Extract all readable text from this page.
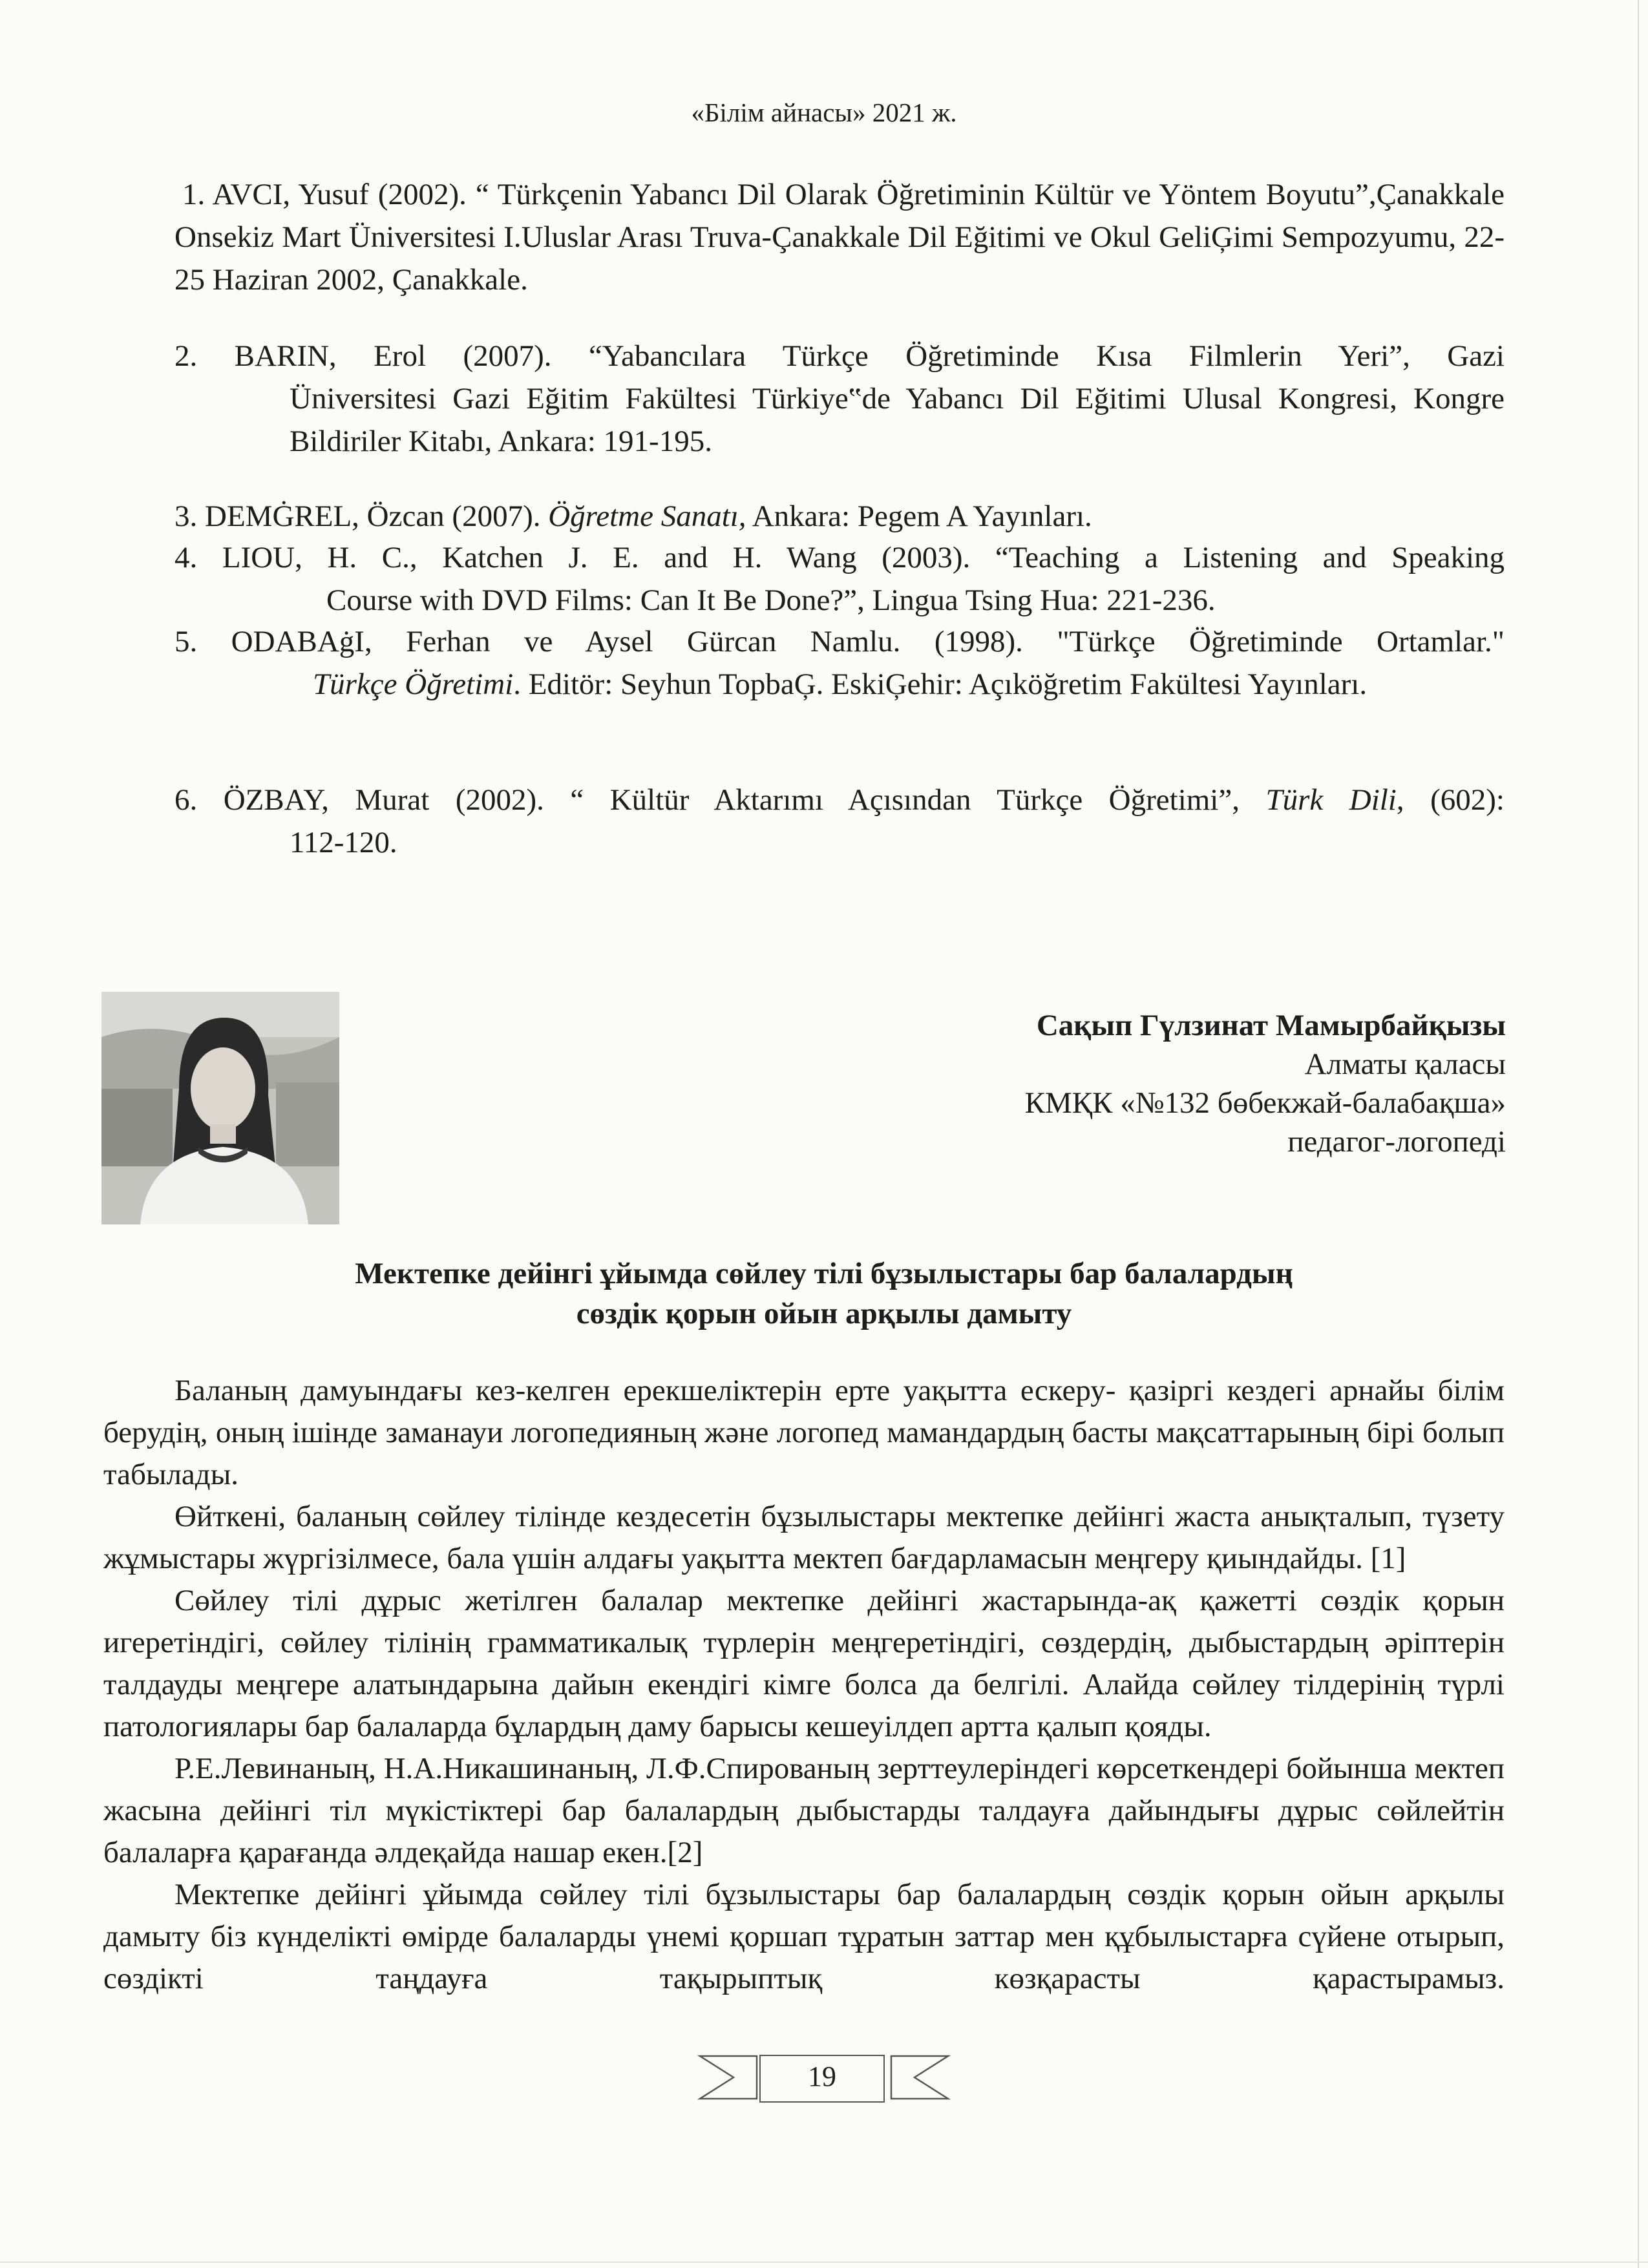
«Білім айнасы» 2021 ж.

1. AVCI, Yusuf (2002). “ Türkçenin Yabancı Dil Olarak Öğretiminin Kültür ve Yöntem Boyutu”,Çanakkale Onsekiz Mart Üniversitesi I.Uluslar Arası Truva-Çanakkale Dil Eğitimi ve Okul GeliĢimi Sempozyumu, 22-25 Haziran 2002, Çanakkale.

2. BARIN, Erol (2007). “Yabancılara Türkçe Öğretiminde Kısa Filmlerin Yeri”, Gazi
Üniversitesi Gazi Eğitim Fakültesi Türkiye‟de Yabancı Dil Eğitimi Ulusal Kongresi, Kongre Bildiriler Kitabı, Ankara: 191-195.

3. DEMĠREL, Özcan (2007). Öğretme Sanatı, Ankara: Pegem A Yayınları.

4. LIOU, H. C., Katchen J. E. and H. Wang (2003). “Teaching a Listening and Speaking
Course with DVD Films: Can It Be Done?”, Lingua Tsing Hua: 221-236.

5. ODABAġI, Ferhan ve Aysel Gürcan Namlu. (1998). "Türkçe Öğretiminde Ortamlar."
Türkçe Öğretimi. Editör: Seyhun TopbaĢ. EskiĢehir: Açıköğretim Fakültesi Yayınları.

6. ÖZBAY, Murat (2002). “ Kültür Aktarımı Açısından Türkçe Öğretimi”, Türk Dili, (602):
112-120.

Сақып Гүлзинат Мамырбайқызы
Алматы қаласы
КМҚК «№132 бөбекжай-балабақша»
педагог-логопеді
Мектепке дейінгі ұйымда сөйлеу тілі бұзылыстары бар балалардың
сөздік қорын ойын арқылы дамыту

Баланың дамуындағы кез-келген ерекшеліктерін ерте уақытта ескеру- қазіргі кездегі арнайы білім берудің, оның ішінде заманауи логопедияның және логопед мамандардың басты мақсаттарының бірі болып табылады.

Өйткені, баланың сөйлеу тілінде кездесетін бұзылыстары мектепке дейінгі жаста анықталып, түзету жұмыстары жүргізілмесе, бала үшін алдағы уақытта мектеп бағдарламасын меңгеру қиындайды. [1]

Сөйлеу тілі дұрыс жетілген балалар мектепке дейінгі жастарында-ақ қажетті сөздік қорын игеретіндігі, сөйлеу тілінің грамматикалық түрлерін меңгеретіндігі, сөздердің, дыбыстардың әріптерін талдауды меңгере алатындарына дайын екендігі кімге болса да белгілі. Алайда сөйлеу тілдерінің түрлі патологиялары бар балаларда бұлардың даму барысы кешеуілдеп артта қалып қояды.

Р.Е.Левинаның, Н.А.Никашинаның, Л.Ф.Спированың зерттеулеріндегі көрсеткендері бойынша мектеп жасына дейінгі тіл мүкістіктері бар балалардың дыбыстарды талдауға дайындығы дұрыс сөйлейтін балаларға қарағанда әлдеқайда нашар екен.[2]

Мектепке дейінгі ұйымда сөйлеу тілі бұзылыстары бар балалардың сөздік қорын ойын арқылы дамыту біз күнделікті өмірде балаларды үнемі қоршап тұратын заттар мен құбылыстарға сүйене отырып, сөздікті таңдауға тақырыптық көзқарасты қарастырамыз.

19
